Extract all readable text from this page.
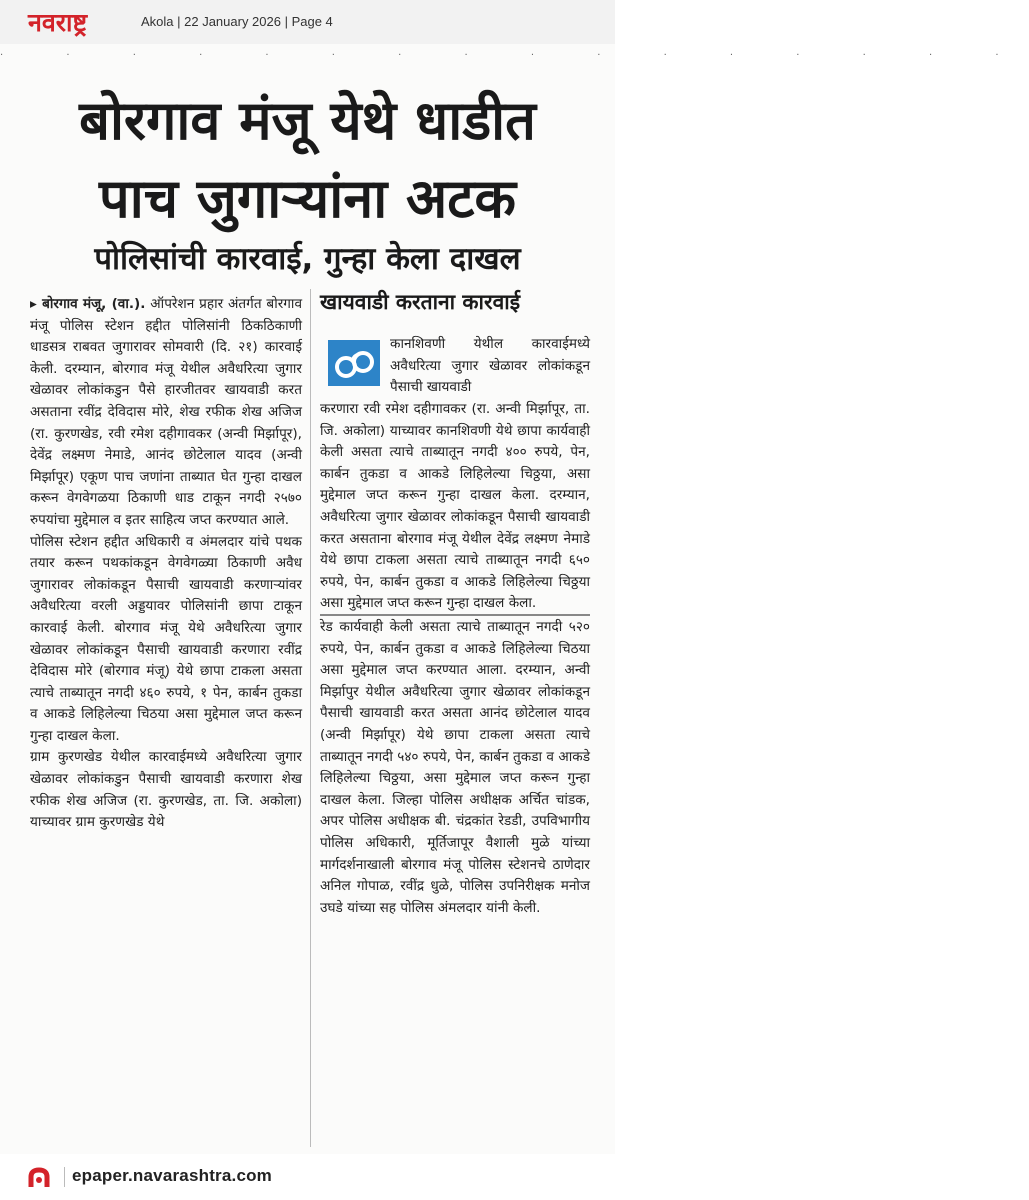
नवराष्ट्र	Akola | 22 January 2026 | Page 4
· · · · · · · · · · · · · · · ·
बोरगाव मंजू येथे धाडीत
पाच जुगाऱ्यांना अटक
पोलिसांची कारवाई, गुन्हा केला दाखल

▸ बोरगाव मंजू, (वा.). ऑपरेशन प्रहार अंतर्गत बोरगाव मंजू पोलिस स्टेशन हद्दीत पोलिसांनी ठिकठिकाणी धाडसत्र राबवत जुगारावर सोमवारी (दि. २१) कारवाई केली. दरम्यान, बोरगाव मंजू येथील अवैधरित्या जुगार खेळावर लोकांकडुन पैसे हारजीतवर खायवाडी करत असताना रवींद्र देविदास मोरे, शेख रफीक शेख अजिज (रा. कुरणखेड, रवी रमेश दहीगावकर (अन्वी मिर्झापूर), देवेंद्र लक्ष्मण नेमाडे, आनंद छोटेलाल यादव (अन्वी मिर्झापूर) एकूण पाच जणांना ताब्यात घेत गुन्हा दाखल करून वेगवेगळया ठिकाणी धाड टाकून नगदी २५७० रुपयांचा मुद्देमाल व इतर साहित्य जप्त करण्यात आले.

पोलिस स्टेशन हद्दीत अधिकारी व अंमलदार यांचे पथक तयार करून पथकांकडून वेगवेगळ्या ठिकाणी अवैध जुगारावर लोकांकडून पैसाची खायवाडी करणाऱ्यांवर अवैधरित्या वरली अड्डयावर पोलिसांनी छापा टाकून कारवाई केली. बोरगाव मंजू येथे अवैधरित्या जुगार खेळावर लोकांकडून पैसाची खायवाडी करणारा रवींद्र देविदास मोरे (बोरगाव मंजू) येथे छापा टाकला असता त्याचे ताब्यातून नगदी ४६० रुपये, १ पेन, कार्बन तुकडा व आकडे लिहिलेल्या चिठया असा मुद्देमाल जप्त करून गुन्हा दाखल केला.

ग्राम कुरणखेड येथील कारवाईमध्ये अवैधरित्या जुगार खेळावर लोकांकडुन पैसाची खायवाडी करणारा शेख रफीक शेख अजिज (रा. कुरणखेड, ता. जि. अकोला) याच्यावर ग्राम कुरणखेड येथे

खायवाडी करताना कारवाई
कानशिवणी येथील कारवाईमध्ये अवैधरित्या जुगार खेळावर लोकांकडून पैसाची खायवाडी
करणारा रवी रमेश दहीगावकर (रा. अन्वी मिर्झापूर, ता. जि. अकोला) याच्यावर कानशिवणी येथे छापा कार्यवाही केली असता त्याचे ताब्यातून नगदी ४०० रुपये, पेन, कार्बन तुकडा व आकडे लिहिलेल्या चिठ्ठया, असा मुद्देमाल जप्त करून गुन्हा दाखल केला. दरम्यान, अवैधरित्या जुगार खेळावर लोकांकडून पैसाची खायवाडी करत असताना बोरगाव मंजू येथील देवेंद्र लक्ष्मण नेमाडे येथे छापा टाकला असता त्याचे ताब्यातून नगदी ६५० रुपये, पेन, कार्बन तुकडा व आकडे लिहिलेल्या चिठ्ठया असा मुद्देमाल जप्त करून गुन्हा दाखल केला.

रेड कार्यवाही केली असता त्याचे ताब्यातून नगदी ५२० रुपये, पेन, कार्बन तुकडा व आकडे लिहिलेल्या चिठया असा मुद्देमाल जप्त करण्यात आला. दरम्यान, अन्वी मिर्झापुर येथील अवैधरित्या जुगार खेळावर लोकांकडून पैसाची खायवाडी करत असता आनंद छोटेलाल यादव (अन्वी मिर्झापूर) येथे छापा टाकला असता त्याचे ताब्यातून नगदी ५४० रुपये, पेन, कार्बन तुकडा व आकडे लिहिलेल्या चिठ्ठया, असा मुद्देमाल जप्त करून गुन्हा दाखल केला. जिल्हा पोलिस अधीक्षक अर्चित चांडक, अपर पोलिस अधीक्षक बी. चंद्रकांत रेडडी, उपविभागीय पोलिस अधिकारी, मूर्तिजापूर वैशाली मुळे यांच्या मार्गदर्शनाखाली बोरगाव मंजू पोलिस स्टेशनचे ठाणेदार अनिल गोपाळ, रवींद्र धुळे, पोलिस उपनिरीक्षक मनोज उघडे यांच्या सह पोलिस अंमलदार यांनी केली.

epaper.navarashtra.com
